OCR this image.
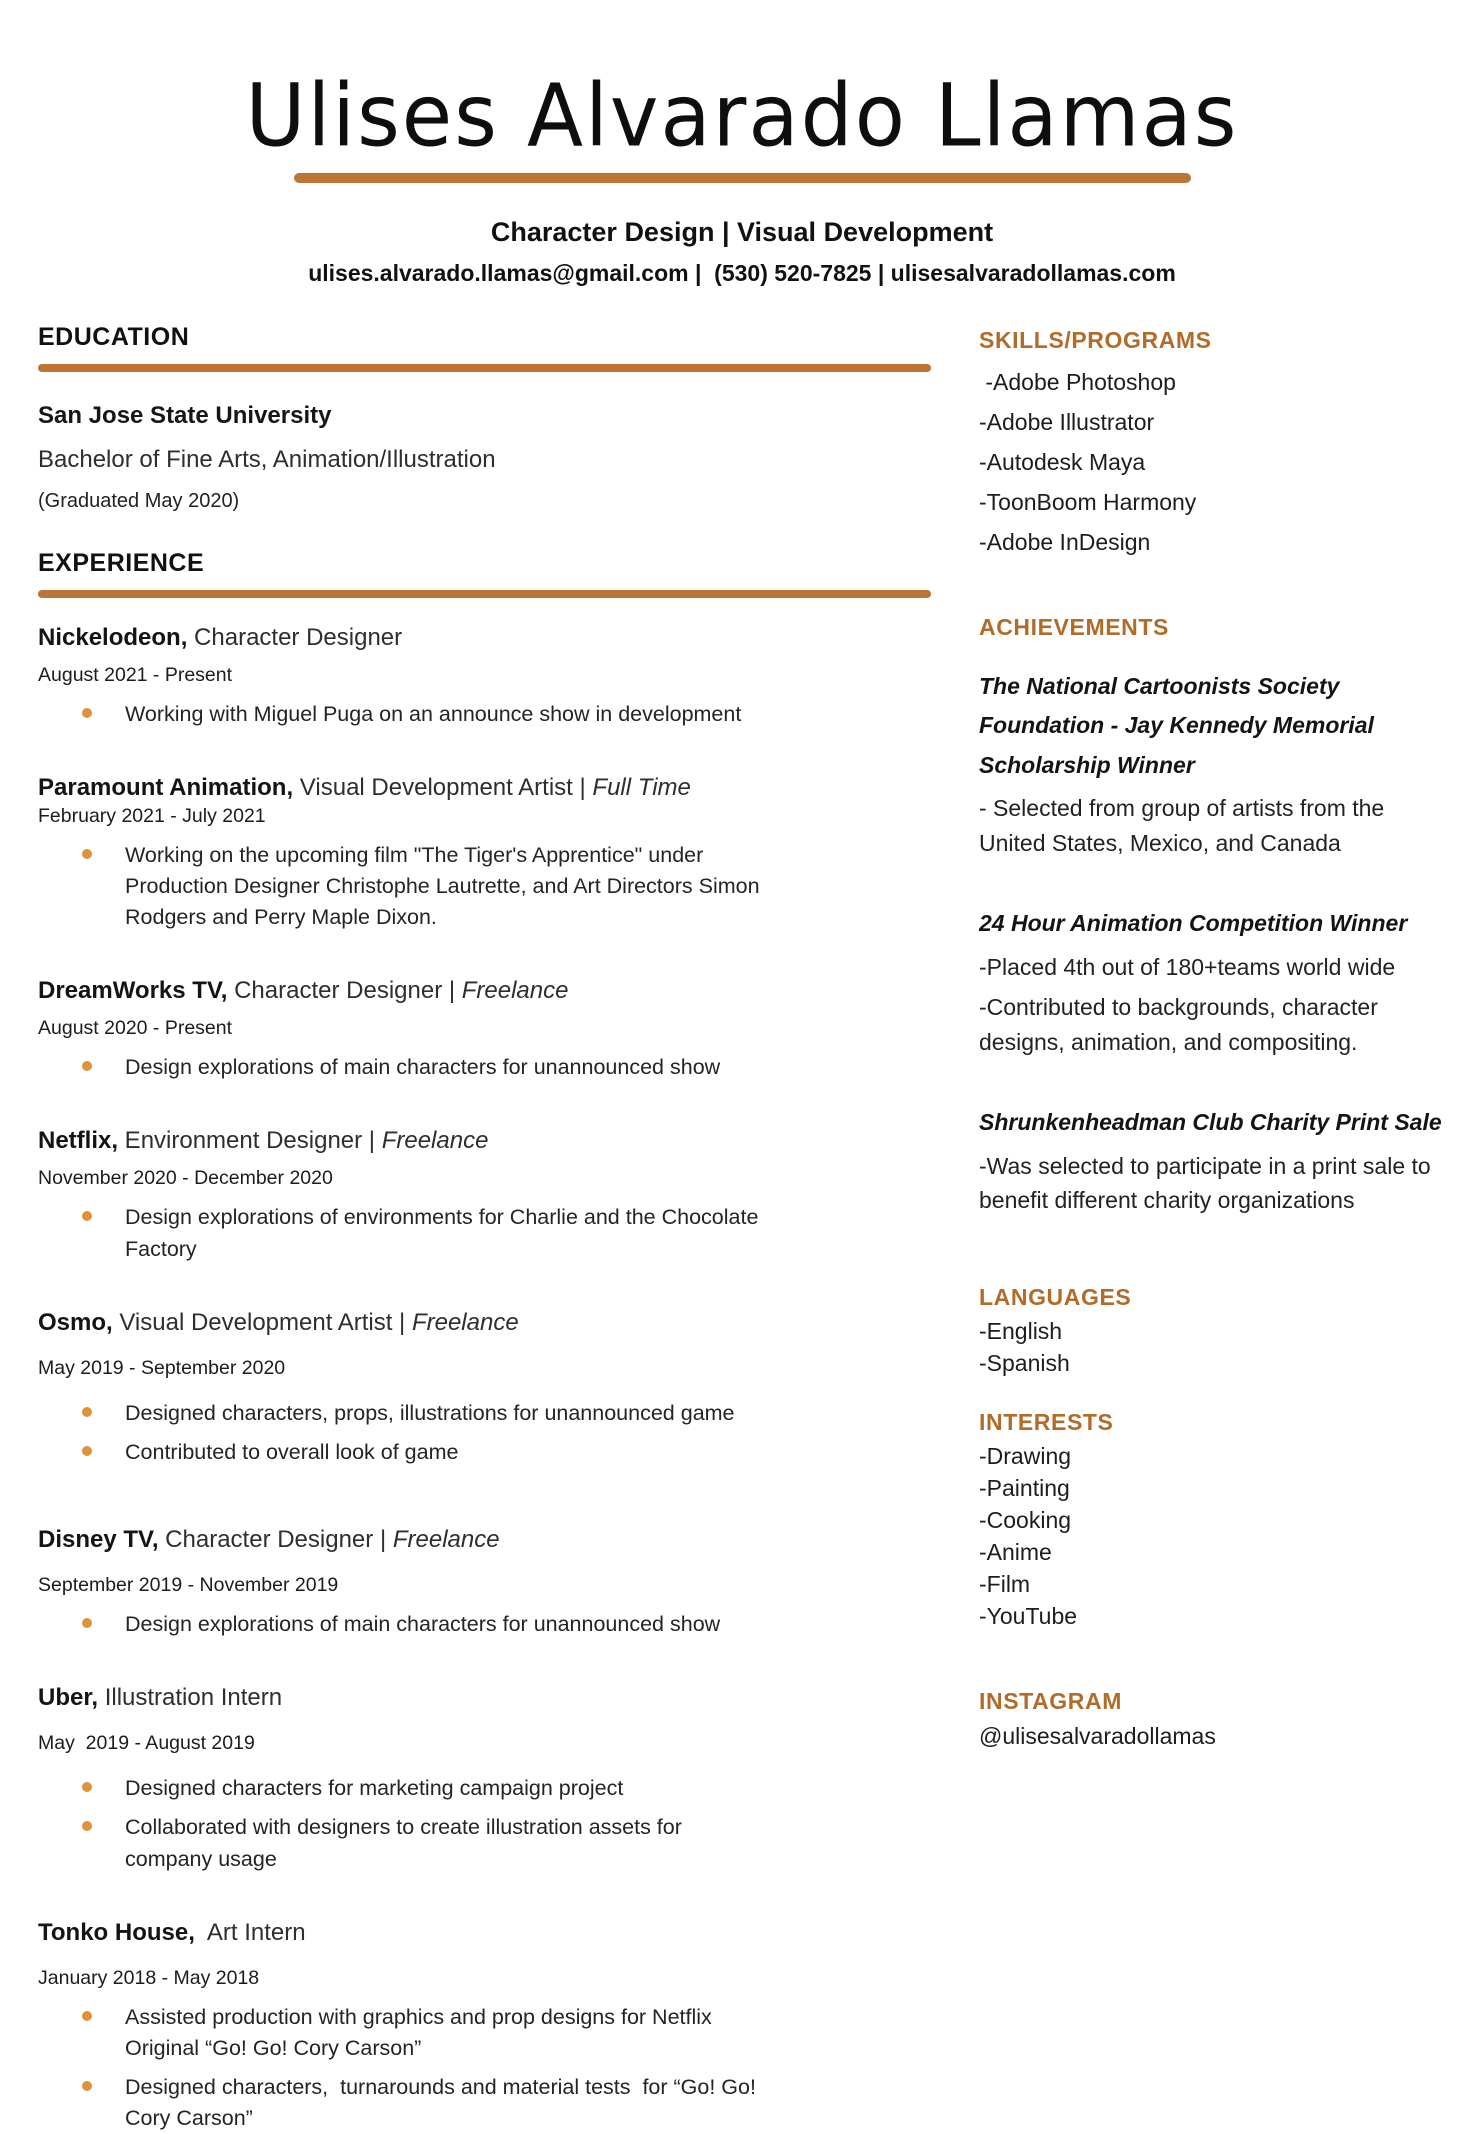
Ulises Alvarado Llamas
Character Design | Visual Development
ulises.alvarado.llamas@gmail.com |  (530) 520-7825 | ulisesalvaradollamas.com
EDUCATION
San Jose State University
Bachelor of Fine Arts, Animation/Illustration
(Graduated May 2020)
EXPERIENCE
Nickelodeon, Character Designer
August 2021 - Present
Working with Miguel Puga on an announce show in development
Paramount Animation, Visual Development Artist | Full Time
February 2021 - July 2021
Working on the upcoming film "The Tiger's Apprentice" under Production Designer Christophe Lautrette, and Art Directors Simon Rodgers and Perry Maple Dixon.
DreamWorks TV, Character Designer | Freelance
August 2020 - Present
Design explorations of main characters for unannounced show
Netflix, Environment Designer | Freelance
November 2020 - December 2020
Design explorations of environments for Charlie and the Chocolate Factory
Osmo, Visual Development Artist | Freelance
May 2019 - September 2020
Designed characters, props, illustrations for unannounced game
Contributed to overall look of game
Disney TV, Character Designer | Freelance
September 2019 - November 2019
Design explorations of main characters for unannounced show
Uber, Illustration Intern
May  2019 - August 2019
Designed characters for marketing campaign project
Collaborated with designers to create illustration assets for company usage
Tonko House,  Art Intern
January 2018 - May 2018
Assisted production with graphics and prop designs for Netflix Original “Go! Go! Cory Carson”
Designed characters,  turnarounds and material tests  for “Go! Go! Cory Carson”
SKILLS/PROGRAMS
-Adobe Photoshop
-Adobe Illustrator
-Autodesk Maya
-ToonBoom Harmony
-Adobe InDesign
ACHIEVEMENTS
The National Cartoonists Society Foundation - Jay Kennedy Memorial Scholarship Winner
- Selected from group of artists from the United States, Mexico, and Canada
24 Hour Animation Competition Winner
-Placed 4th out of 180+teams world wide
-Contributed to backgrounds, character designs, animation, and compositing.
Shrunkenheadman Club Charity Print Sale
-Was selected to participate in a print sale to benefit different charity organizations
LANGUAGES
-English
-Spanish
INTERESTS
-Drawing
-Painting
-Cooking
-Anime
-Film
-YouTube
INSTAGRAM
@ulisesalvaradollamas
